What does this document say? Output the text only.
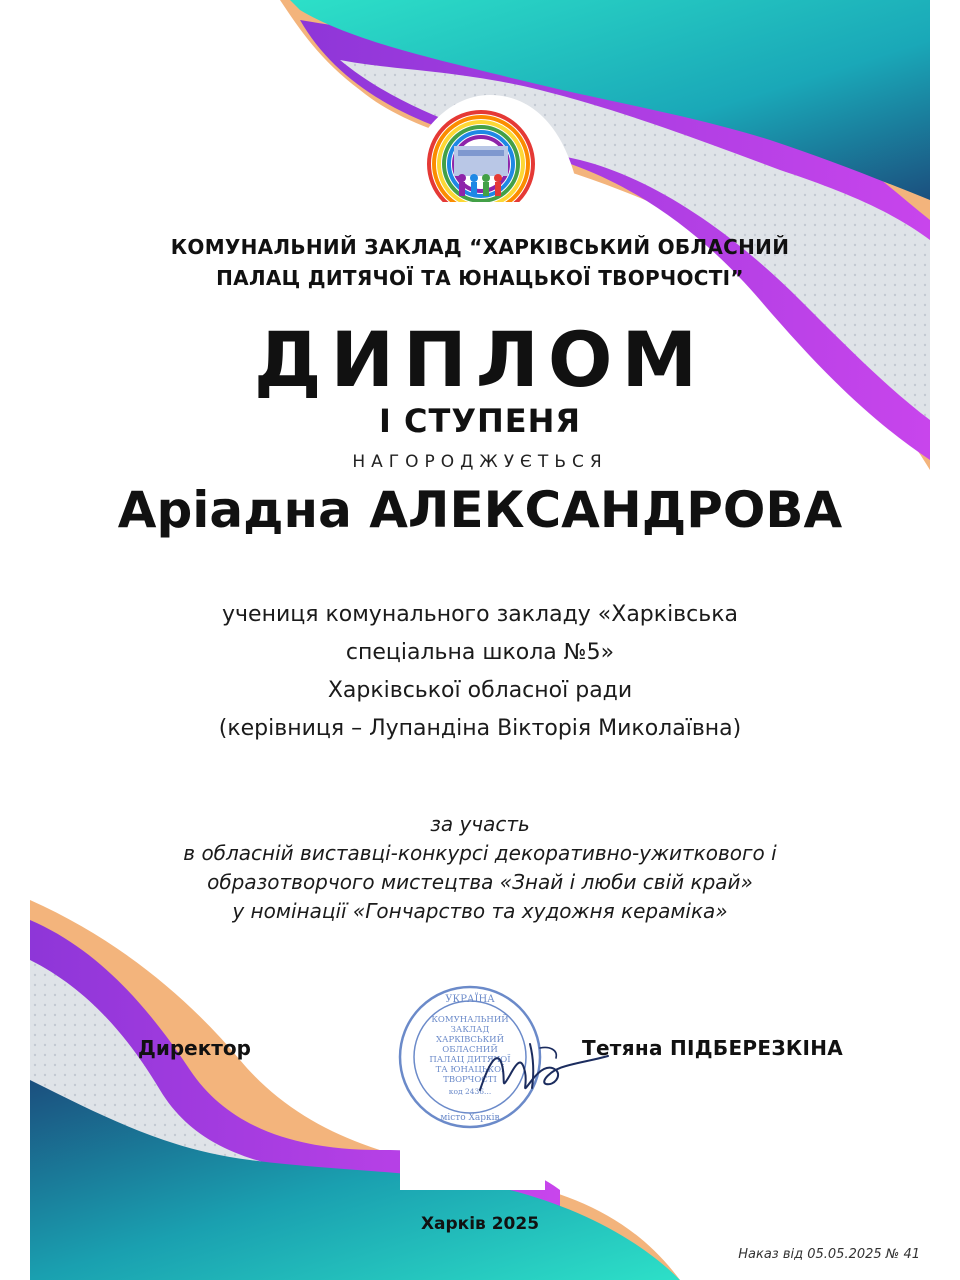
КОМУНАЛЬНИЙ ЗАКЛАД “ХАРКІВСЬКИЙ ОБЛАСНИЙ
ПАЛАЦ ДИТЯЧОЇ ТА ЮНАЦЬКОЇ ТВОРЧОСТІ”
ДИПЛОМ
І СТУПЕНЯ
НАГОРОДЖУЄТЬСЯ
Аріадна АЛЕКСАНДРОВА
учениця комунального закладу «Харківська
спеціальна школа №5»
Харківської обласної ради
(керівниця – Лупандіна Вікторія Миколаївна)
за участь
в обласній виставці-конкурсі декоративно-ужиткового і
образотворчого мистецтва «Знай і люби свій край»
у номінації «Гончарство та художня кераміка»
Директор	Тетяна ПІДБЕРЕЗКІНА
Харків 2025
Наказ від 05.05.2025 № 41
УКРАЇНА
КОМУНАЛЬНИЙ
ЗАКЛАД
ХАРКІВСЬКИЙ
ОБЛАСНИЙ
ПАЛАЦ ДИТЯЧОЇ
ТА ЮНАЦЬКОЇ
ТВОРЧОСТІ
код 2436...
місто Харків
